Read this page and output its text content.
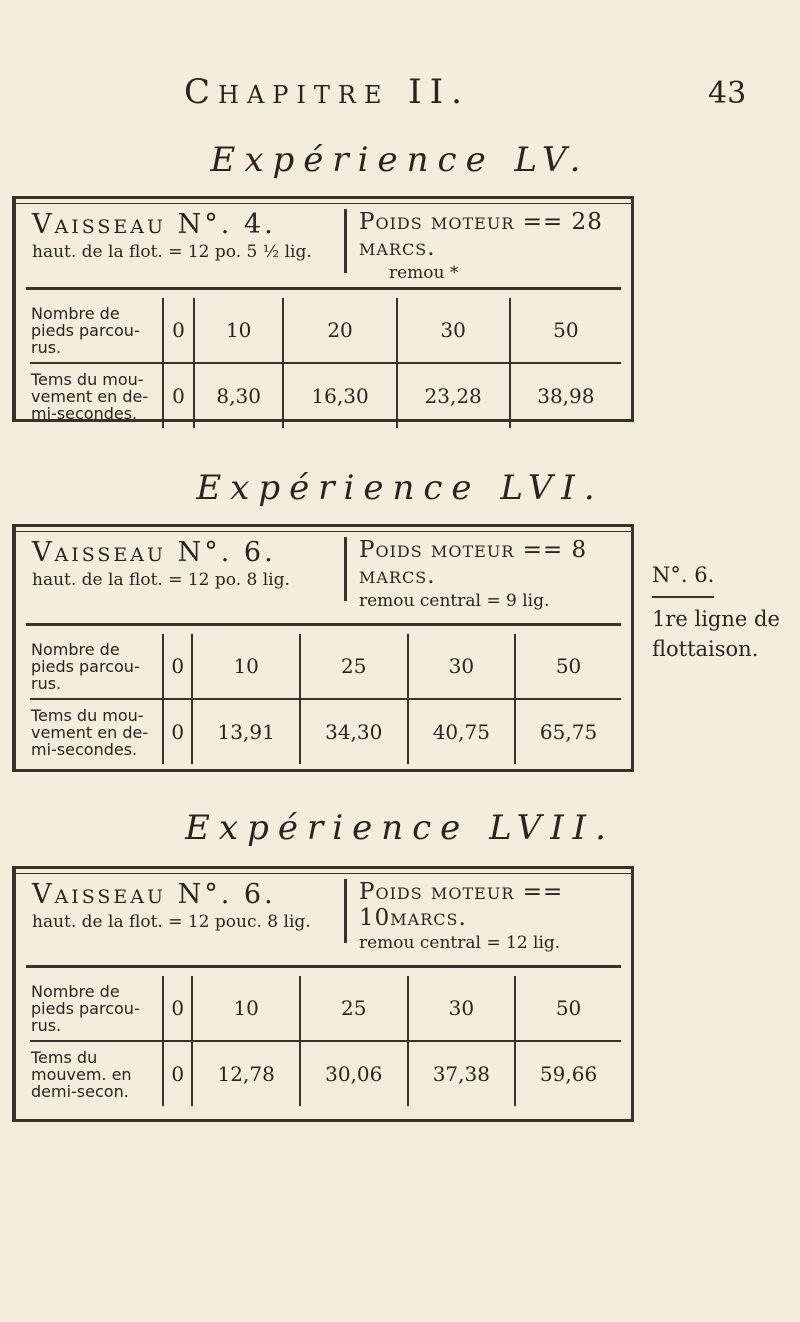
Chapitre II.	43
Expérience LV.
Vaisseau N°. 4.
haut. de la flot. = 12 po. 5 ½ lig.
Poids moteur == 28 marcs.
remou *
Nombre de pieds parcou- rus.	0	10	20	30	50
Tems du mou- vement en de- mi-secondes.	0	8,30	16,30	23,28	38,98
Expérience LVI.
Vaisseau N°. 6.
haut. de la flot. = 12 po. 8 lig.
Poids moteur == 8 marcs.
remou central = 9 lig.
Nombre de pieds parcou- rus.	0	10	25	30	50
Tems du mou- vement en de- mi-secondes.	0	13,91	34,30	40,75	65,75
N°. 6.
1re ligne de flottaison.
Expérience LVII.
Vaisseau N°. 6.
haut. de la flot. = 12 pouc. 8 lig.
Poids moteur == 10marcs.
remou central = 12 lig.
Nombre de pieds parcou- rus.	0	10	25	30	50
Tems du mouvem. en demi-secon.	0	12,78	30,06	37,38	59,66
